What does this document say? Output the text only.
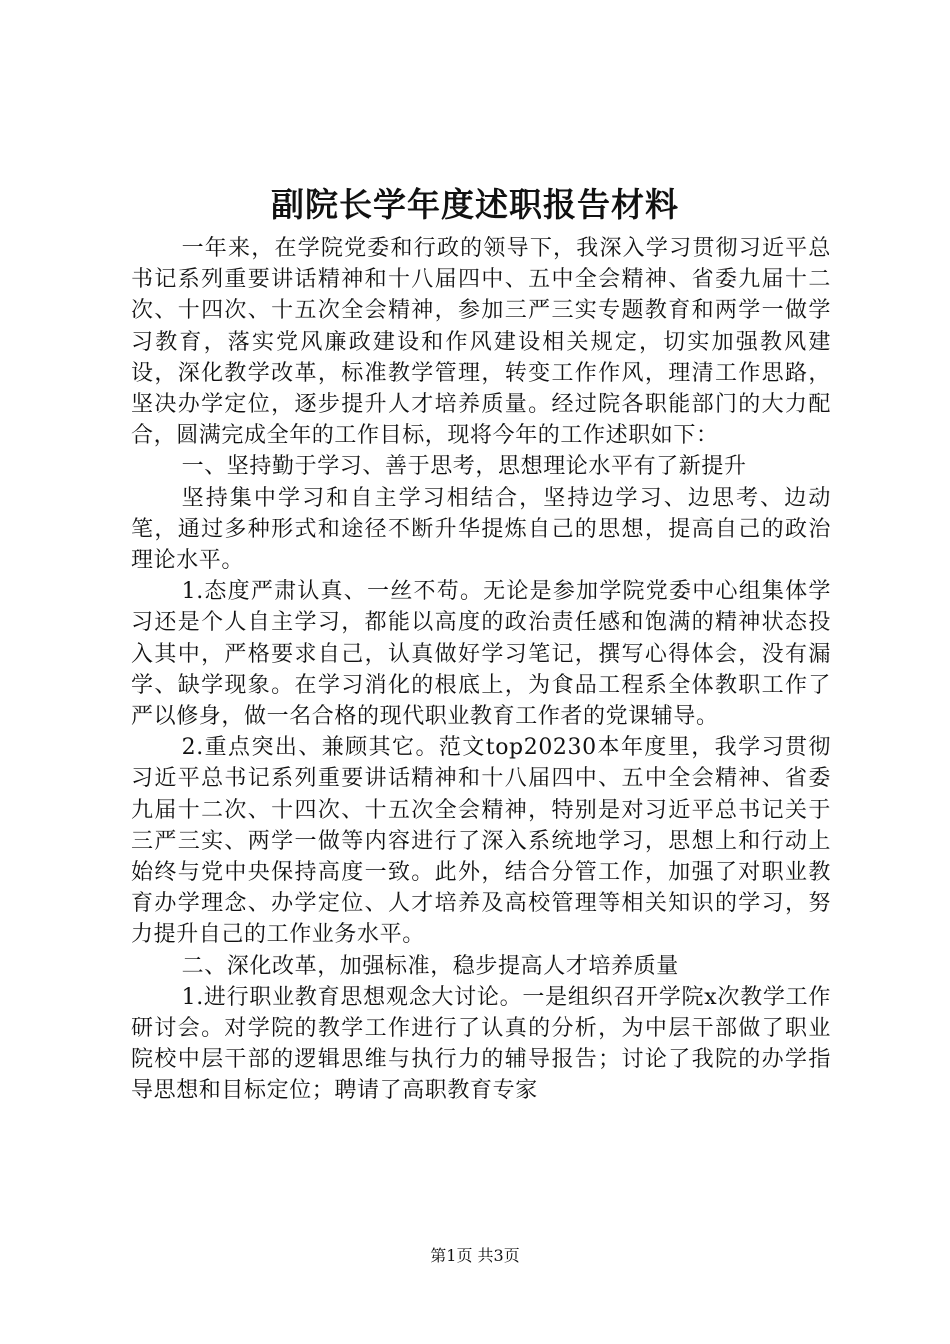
副院长学年度述职报告材料

一年来，在学院党委和行政的领导下，我深入学习贯彻习近平总书记系列重要讲话精神和十八届四中、五中全会精神、省委九届十二次、十四次、十五次全会精神，参加三严三实专题教育和两学一做学习教育，落实党风廉政建设和作风建设相关规定，切实加强教风建设，深化教学改革，标准教学管理，转变工作作风，理清工作思路，坚决办学定位，逐步提升人才培养质量。经过院各职能部门的大力配合，圆满完成全年的工作目标，现将今年的工作述职如下：

一、坚持勤于学习、善于思考，思想理论水平有了新提升

坚持集中学习和自主学习相结合，坚持边学习、边思考、边动笔，通过多种形式和途径不断升华提炼自己的思想，提高自己的政治理论水平。

1.态度严肃认真、一丝不苟。无论是参加学院党委中心组集体学习还是个人自主学习，都能以高度的政治责任感和饱满的精神状态投入其中，严格要求自己，认真做好学习笔记，撰写心得体会，没有漏学、缺学现象。在学习消化的根底上，为食品工程系全体教职工作了严以修身，做一名合格的现代职业教育工作者的党课辅导。

2.重点突出、兼顾其它。范文top20230本年度里，我学习贯彻习近平总书记系列重要讲话精神和十八届四中、五中全会精神、省委九届十二次、十四次、十五次全会精神，特别是对习近平总书记关于三严三实、两学一做等内容进行了深入系统地学习，思想上和行动上始终与党中央保持高度一致。此外，结合分管工作，加强了对职业教育办学理念、办学定位、人才培养及高校管理等相关知识的学习，努力提升自己的工作业务水平。

二、深化改革，加强标准，稳步提高人才培养质量

1.进行职业教育思想观念大讨论。一是组织召开学院x次教学工作研讨会。对学院的教学工作进行了认真的分析，为中层干部做了职业院校中层干部的逻辑思维与执行力的辅导报告；讨论了我院的办学指导思想和目标定位；聘请了高职教育专家

第1页 共3页
